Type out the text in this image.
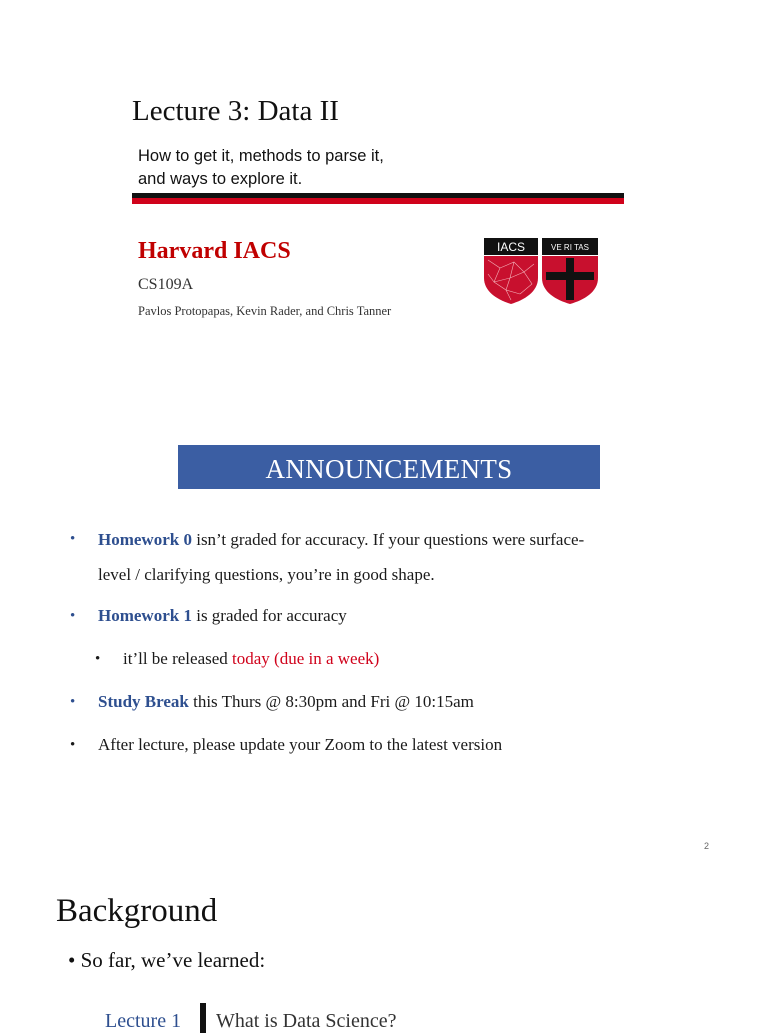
Lecture 3: Data II
How to get it, methods to parse it,
and ways to explore it.
Harvard IACS
CS109A
Pavlos Protopapas, Kevin Rader, and Chris Tanner
IACS	VE RI TAS
ANNOUNCEMENTS
• Homework 0 isn’t graded for accuracy. If your questions were surface-
level / clarifying questions, you’re in good shape.
• Homework 1 is graded for accuracy
• it’ll be released today (due in a week)
• Study Break this Thurs @ 8:30pm and Fri @ 10:15am
• After lecture, please update your Zoom to the latest version
2
Background
• So far, we’ve learned:
Lecture 1 What is Data Science?
